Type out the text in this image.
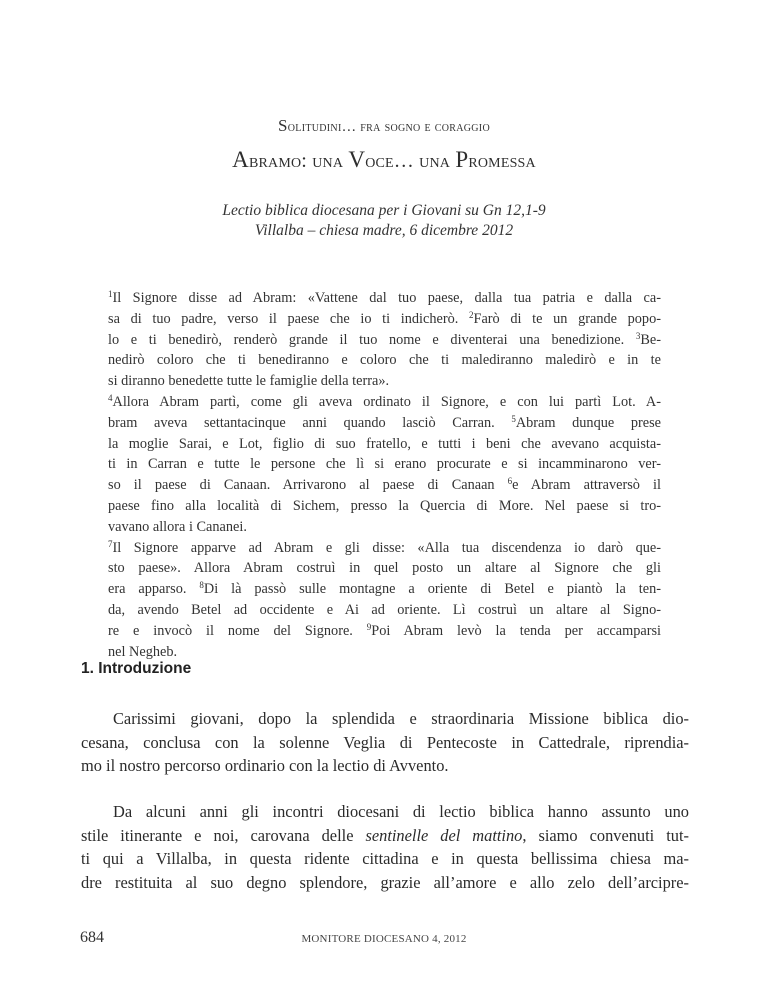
Solitudini… fra sogno e coraggio
Abramo: una Voce… una Promessa
Lectio biblica diocesana per i Giovani su Gn 12,1-9
Villalba – chiesa madre, 6 dicembre 2012
$^1$Il Signore disse ad Abram: «Vattene dal tuo paese, dalla tua patria e dalla ca-
sa di tuo padre, verso il paese che io ti indicherò. $^2$Farò di te un grande popo-
lo e ti benedirò, renderò grande il tuo nome e diventerai una benedizione. $^3$Be-
nedirò coloro che ti benediranno e coloro che ti malediranno maledirò e in te
si diranno benedette tutte le famiglie della terra».
$^4$Allora Abram partì, come gli aveva ordinato il Signore, e con lui partì Lot. A-
bram aveva settantacinque anni quando lasciò Carran. $^5$Abram dunque prese
la moglie Sarai, e Lot, figlio di suo fratello, e tutti i beni che avevano acquista-
ti in Carran e tutte le persone che lì si erano procurate e si incamminarono ver-
so il paese di Canaan. Arrivarono al paese di Canaan $^6$e Abram attraversò il
paese fino alla località di Sichem, presso la Quercia di More. Nel paese si tro-
vavano allora i Cananei.
$^7$Il Signore apparve ad Abram e gli disse: «Alla tua discendenza io darò que-
sto paese». Allora Abram costruì in quel posto un altare al Signore che gli
era apparso. $^8$Di là passò sulle montagne a oriente di Betel e piantò la ten-
da, avendo Betel ad occidente e Ai ad oriente. Lì costruì un altare al Signo-
re e invocò il nome del Signore. $^9$Poi Abram levò la tenda per accamparsi
nel Negheb.
1. Introduzione
Carissimi giovani, dopo la splendida e straordinaria Missione biblica dio-
cesana, conclusa con la solenne Veglia di Pentecoste in Cattedrale, riprendia-
mo il nostro percorso ordinario con la lectio di Avvento.
Da alcuni anni gli incontri diocesani di lectio biblica hanno assunto uno
stile itinerante e noi, carovana delle sentinelle del mattino, siamo convenuti tut-
ti qui a Villalba, in questa ridente cittadina e in questa bellissima chiesa ma-
dre restituita al suo degno splendore, grazie all’amore e allo zelo dell’arcipre-
684	MONITORE DIOCESANO 4, 2012
